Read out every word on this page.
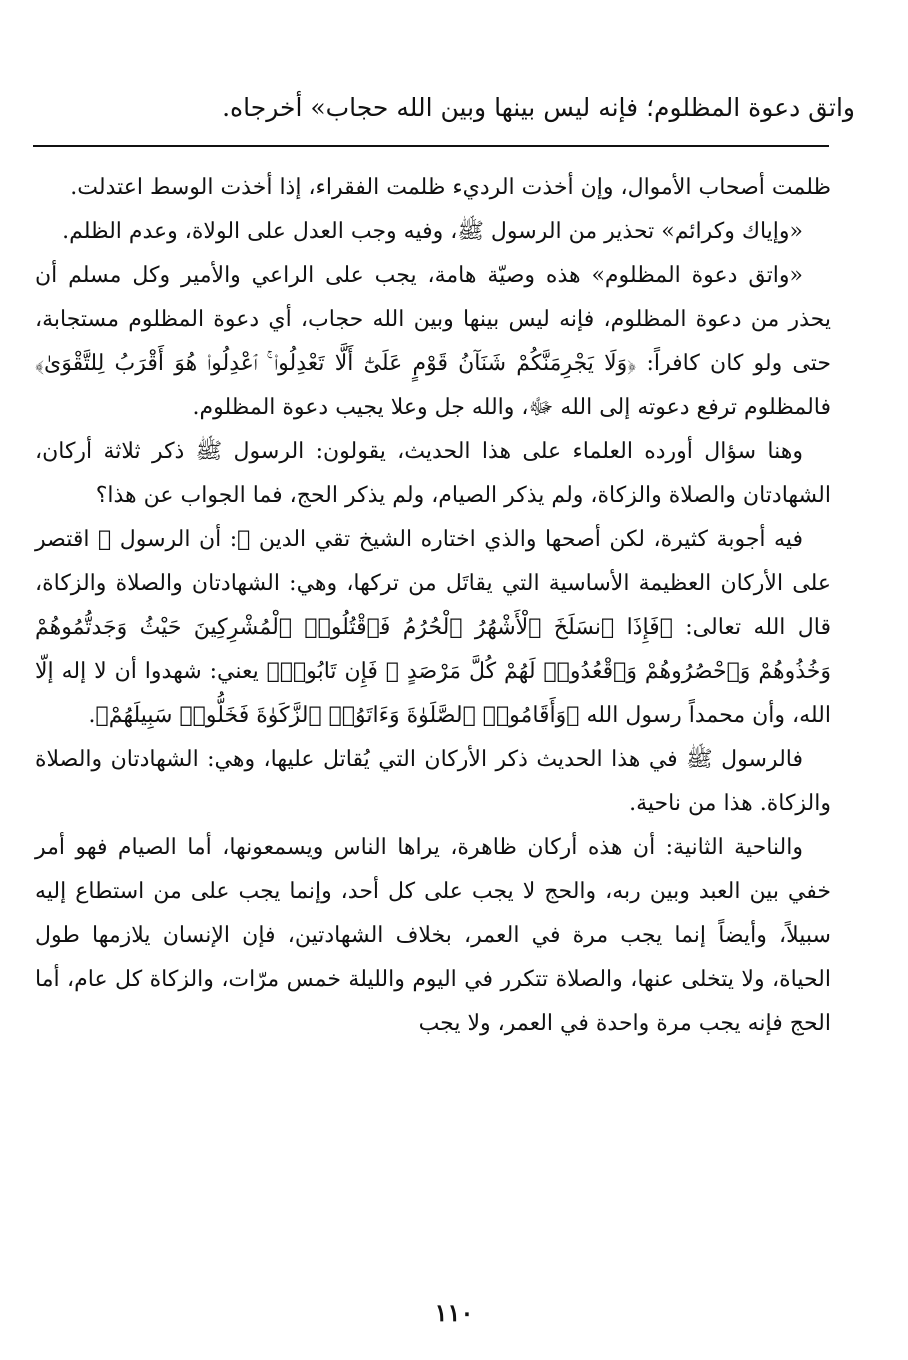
واتق دعوة المظلوم؛ فإنه ليس بينها وبين الله حجاب» أخرجاه.

ظلمت أصحاب الأموال، وإن أخذت الرديء ظلمت الفقراء، إذا أخذت الوسط اعتدلت.

«وإياك وكرائم» تحذير من الرسول ﷺ، وفيه وجب العدل على الولاة، وعدم الظلم.

«واتق دعوة المظلوم» هذه وصيّة هامة، يجب على الراعي والأمير وكل مسلم أن يحذر من دعوة المظلوم، فإنه ليس بينها وبين الله حجاب، أي دعوة المظلوم مستجابة، حتى ولو كان كافراً: ﴿وَلَا يَجْرِمَنَّكُمْ شَنَآنُ قَوْمٍ عَلَىٰٓ أَلَّا تَعْدِلُوا۟ ۚ ٱعْدِلُوا۟ هُوَ أَقْرَبُ لِلتَّقْوَىٰ﴾ فالمظلوم ترفع دعوته إلى الله ﷻ، والله جل وعلا يجيب دعوة المظلوم.

وهنا سؤال أورده العلماء على هذا الحديث، يقولون: الرسول ﷺ ذكر ثلاثة أركان، الشهادتان والصلاة والزكاة، ولم يذكر الصيام، ولم يذكر الحج، فما الجواب عن هذا؟

فيه أجوبة كثيرة، لكن أصحها والذي اختاره الشيخ تقي الدين ﵀: أن الرسول ﷺ اقتصر على الأركان العظيمة الأساسية التي يقاتَل من تركها، وهي: الشهادتان والصلاة والزكاة، قال الله تعالى: ﴿فَإِذَا ٱنسَلَخَ ٱلْأَشْهُرُ ٱلْحُرُمُ فَٱقْتُلُوا۟ ٱلْمُشْرِكِينَ حَيْثُ وَجَدتُّمُوهُمْ وَخُذُوهُمْ وَٱحْصُرُوهُمْ وَٱقْعُدُوا۟ لَهُمْ كُلَّ مَرْصَدٍ ۚ فَإِن تَابُوا۟﴾ يعني: شهدوا أن لا إله إلّا الله، وأن محمداً رسول الله ﴿وَأَقَامُوا۟ ٱلصَّلَوٰةَ وَءَاتَوُا۟ ٱلزَّكَوٰةَ فَخَلُّوا۟ سَبِيلَهُمْ﴾.

فالرسول ﷺ في هذا الحديث ذكر الأركان التي يُقاتل عليها، وهي: الشهادتان والصلاة والزكاة. هذا من ناحية.

والناحية الثانية: أن هذه أركان ظاهرة، يراها الناس ويسمعونها، أما الصيام فهو أمر خفي بين العبد وبين ربه، والحج لا يجب على كل أحد، وإنما يجب على من استطاع إليه سبيلاً، وأيضاً إنما يجب مرة في العمر، بخلاف الشهادتين، فإن الإنسان يلازمها طول الحياة، ولا يتخلى عنها، والصلاة تتكرر في اليوم والليلة خمس مرّات، والزكاة كل عام، أما الحج فإنه يجب مرة واحدة في العمر، ولا يجب

١١٠
